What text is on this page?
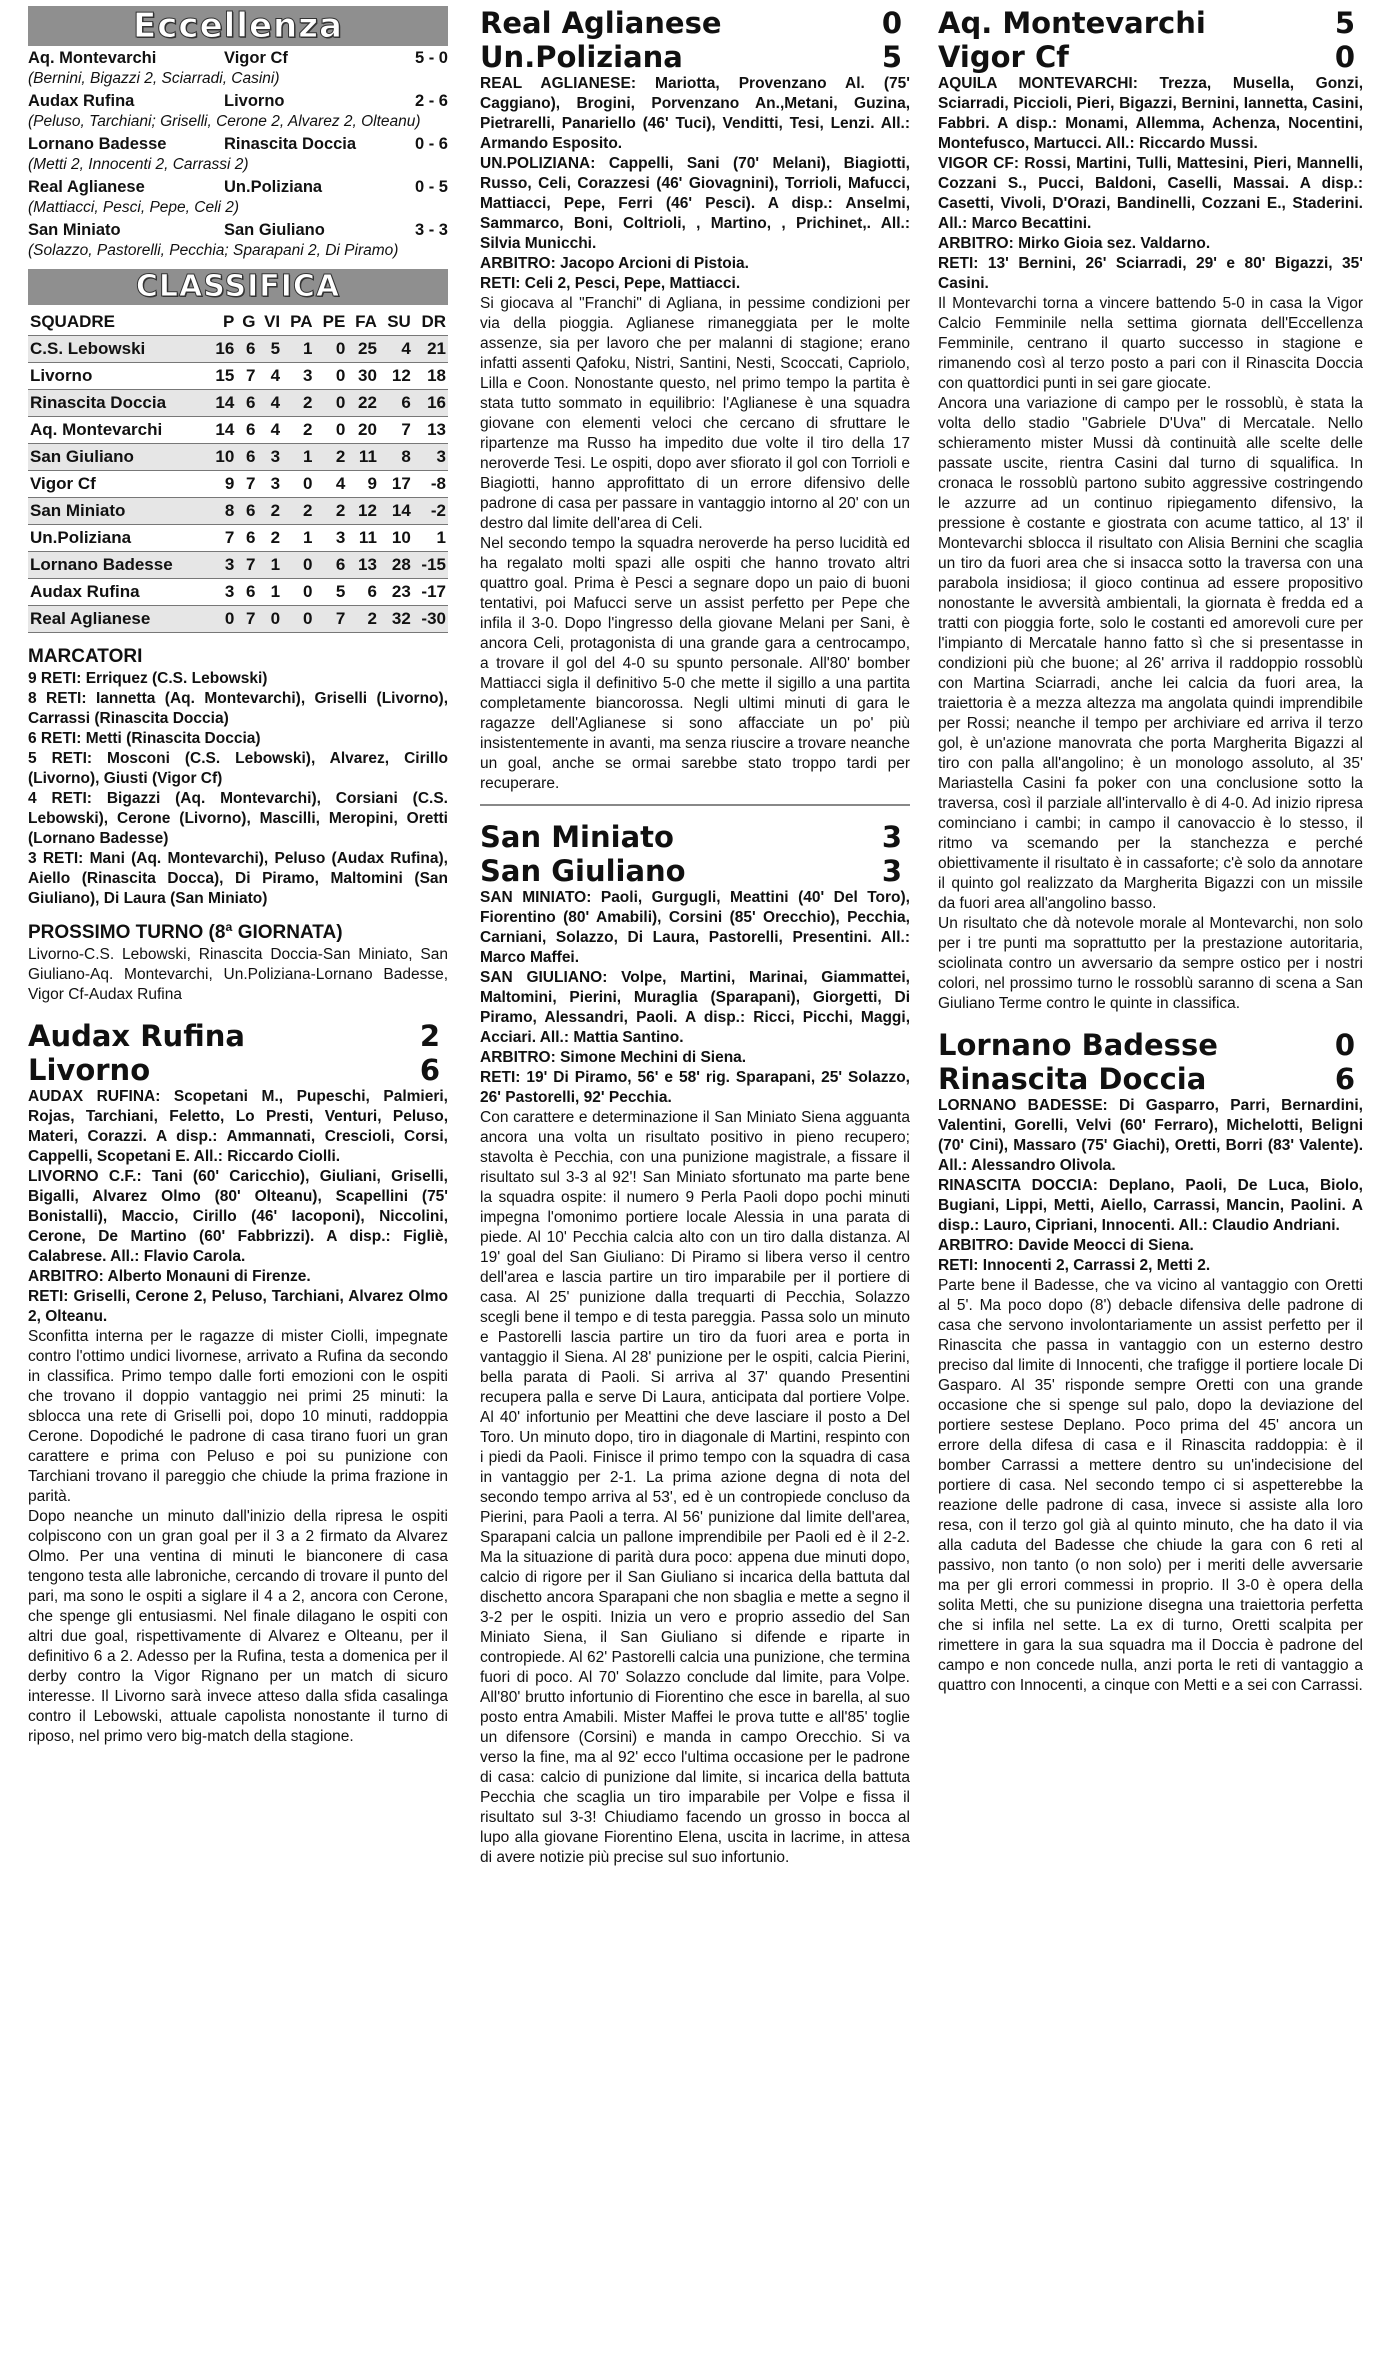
Eccellenza
Aq. Montevarchi	Vigor Cf	5 - 0
(Bernini, Bigazzi 2, Sciarradi, Casini)
Audax Rufina	Livorno	2 - 6
(Peluso, Tarchiani; Griselli, Cerone 2, Alvarez 2, Olteanu)
Lornano Badesse	Rinascita Doccia	0 - 6
(Metti 2, Innocenti 2, Carrassi 2)
Real Aglianese	Un.Poliziana	0 - 5
(Mattiacci, Pesci, Pepe, Celi 2)
San Miniato	San Giuliano	3 - 3
(Solazzo, Pastorelli, Pecchia; Sparapani 2, Di Piramo)
CLASSIFICA
SQUADRE	P	G	VI	PA	PE	FA	SU	DR
C.S. Lebowski	16	6	5	1	0	25	4	21
Livorno	15	7	4	3	0	30	12	18
Rinascita Doccia	14	6	4	2	0	22	6	16
Aq. Montevarchi	14	6	4	2	0	20	7	13
San Giuliano	10	6	3	1	2	11	8	3
Vigor Cf	9	7	3	0	4	9	17	-8
San Miniato	8	6	2	2	2	12	14	-2
Un.Poliziana	7	6	2	1	3	11	10	1
Lornano Badesse	3	7	1	0	6	13	28	-15
Audax Rufina	3	6	1	0	5	6	23	-17
Real Aglianese	0	7	0	0	7	2	32	-30
MARCATORI

9 RETI: Erriquez (C.S. Lebowski)

8 RETI: Iannetta (Aq. Montevarchi), Griselli (Livorno), Carrassi (Rinascita Doccia)

6 RETI: Metti (Rinascita Doccia)

5 RETI: Mosconi (C.S. Lebowski), Alvarez, Cirillo (Livorno), Giusti (Vigor Cf)

4 RETI: Bigazzi (Aq. Montevarchi), Corsiani (C.S. Lebowski), Cerone (Livorno), Mascilli, Meropini, Oretti (Lornano Badesse)

3 RETI: Mani (Aq. Montevarchi), Peluso (Audax Rufina), Aiello (Rinascita Docca), Di Piramo, Maltomini (San Giuliano), Di Laura (San Miniato)

PROSSIMO TURNO (8ª GIORNATA)

Livorno-C.S. Lebowski, Rinascita Doccia-San Miniato, San Giuliano-Aq. Montevarchi, Un.Poliziana-Lornano Badesse, Vigor Cf-Audax Rufina

Audax Rufina	2
Livorno	6

AUDAX RUFINA: Scopetani M., Pupeschi, Palmieri, Rojas, Tarchiani, Feletto, Lo Presti, Venturi, Peluso, Materi, Corazzi. A disp.: Ammannati, Crescioli, Corsi, Cappelli, Scopetani E. All.: Riccardo Ciolli.

LIVORNO C.F.: Tani (60' Caricchio), Giuliani, Griselli, Bigalli, Alvarez Olmo (80' Olteanu), Scapellini (75' Bonistalli), Maccio, Cirillo (46' Iacoponi), Niccolini, Cerone, De Martino (60' Fabbrizzi). A disp.: Figliè, Calabrese. All.: Flavio Carola.

ARBITRO: Alberto Monauni di Firenze.

RETI: Griselli, Cerone 2, Peluso, Tarchiani, Alvarez Olmo 2, Olteanu.

Sconfitta interna per le ragazze di mister Ciolli, impegnate contro l'ottimo undici livornese, arrivato a Rufina da secondo in classifica. Primo tempo dalle forti emozioni con le ospiti che trovano il doppio vantaggio nei primi 25 minuti: la sblocca una rete di Griselli poi, dopo 10 minuti, raddoppia Cerone. Dopodiché le padrone di casa tirano fuori un gran carattere e prima con Peluso e poi su punizione con Tarchiani trovano il pareggio che chiude la prima frazione in parità.

Dopo neanche un minuto dall'inizio della ripresa le ospiti colpiscono con un gran goal per il 3 a 2 firmato da Alvarez Olmo. Per una ventina di minuti le bianconere di casa tengono testa alle labroniche, cercando di trovare il punto del pari, ma sono le ospiti a siglare il 4 a 2, ancora con Cerone, che spenge gli entusiasmi. Nel finale dilagano le ospiti con altri due goal, rispettivamente di Alvarez e Olteanu, per il definitivo 6 a 2. Adesso per la Rufina, testa a domenica per il derby contro la Vigor Rignano per un match di sicuro interesse. Il Livorno sarà invece atteso dalla sfida casalinga contro il Lebowski, attuale capolista nonostante il turno di riposo, nel primo vero big-match della stagione.

Real Aglianese	0
Un.Poliziana	5

REAL AGLIANESE: Mariotta, Provenzano Al. (75' Caggiano), Brogini, Porvenzano An.,Metani, Guzina, Pietrarelli, Panariello (46' Tuci), Venditti, Tesi, Lenzi. All.: Armando Esposito.

UN.POLIZIANA: Cappelli, Sani (70' Melani), Biagiotti, Russo, Celi, Corazzesi (46' Giovagnini), Torrioli, Mafucci, Mattiacci, Pepe, Ferri (46' Pesci). A disp.: Anselmi, Sammarco, Boni, Coltrioli, , Martino, , Prichinet,. All.: Silvia Municchi.

ARBITRO: Jacopo Arcioni di Pistoia.

RETI: Celi 2, Pesci, Pepe, Mattiacci.

Si giocava al "Franchi" di Agliana, in pessime condizioni per via della pioggia. Aglianese rimaneggiata per le molte assenze, sia per lavoro che per malanni di stagione; erano infatti assenti Qafoku, Nistri, Santini, Nesti, Scoccati, Capriolo, Lilla e Coon. Nonostante questo, nel primo tempo la partita è stata tutto sommato in equilibrio: l'Aglianese è una squadra giovane con elementi veloci che cercano di sfruttare le ripartenze ma Russo ha impedito due volte il tiro della 17 neroverde Tesi. Le ospiti, dopo aver sfiorato il gol con Torrioli e Biagiotti, hanno approfittato di un errore difensivo delle padrone di casa per passare in vantaggio intorno al 20' con un destro dal limite dell'area di Celi.

Nel secondo tempo la squadra neroverde ha perso lucidità ed ha regalato molti spazi alle ospiti che hanno trovato altri quattro goal. Prima è Pesci a segnare dopo un paio di buoni tentativi, poi Mafucci serve un assist perfetto per Pepe che infila il 3-0. Dopo l'ingresso della giovane Melani per Sani, è ancora Celi, protagonista di una grande gara a centrocampo, a trovare il gol del 4-0 su spunto personale. All'80' bomber Mattiacci sigla il definitivo 5-0 che mette il sigillo a una partita completamente biancorossa. Negli ultimi minuti di gara le ragazze dell'Aglianese si sono affacciate un po' più insistentemente in avanti, ma senza riuscire a trovare neanche un goal, anche se ormai sarebbe stato troppo tardi per recuperare.

San Miniato	3
San Giuliano	3

SAN MINIATO: Paoli, Gurgugli, Meattini (40' Del Toro), Fiorentino (80' Amabili), Corsini (85' Orecchio), Pecchia, Carniani, Solazzo, Di Laura, Pastorelli, Presentini. All.: Marco Maffei.

SAN GIULIANO: Volpe, Martini, Marinai, Giammattei, Maltomini, Pierini, Muraglia (Sparapani), Giorgetti, Di Piramo, Alessandri, Paoli. A disp.: Ricci, Picchi, Maggi, Acciari. All.: Mattia Santino.

ARBITRO: Simone Mechini di Siena.

RETI: 19' Di Piramo, 56' e 58' rig. Sparapani, 25' Solazzo, 26' Pastorelli, 92' Pecchia.

Con carattere e determinazione il San Miniato Siena agguanta ancora una volta un risultato positivo in pieno recupero; stavolta è Pecchia, con una punizione magistrale, a fissare il risultato sul 3-3 al 92'! San Miniato sfortunato ma parte bene la squadra ospite: il numero 9 Perla Paoli dopo pochi minuti impegna l'omonimo portiere locale Alessia in una parata di piede. Al 10' Pecchia calcia alto con un tiro dalla distanza. Al 19' goal del San Giuliano: Di Piramo si libera verso il centro dell'area e lascia partire un tiro imparabile per il portiere di casa. Al 25' punizione dalla trequarti di Pecchia, Solazzo scegli bene il tempo e di testa pareggia. Passa solo un minuto e Pastorelli lascia partire un tiro da fuori area e porta in vantaggio il Siena. Al 28' punizione per le ospiti, calcia Pierini, bella parata di Paoli. Si arriva al 37' quando Presentini recupera palla e serve Di Laura, anticipata dal portiere Volpe. Al 40' infortunio per Meattini che deve lasciare il posto a Del Toro. Un minuto dopo, tiro in diagonale di Martini, respinto con i piedi da Paoli. Finisce il primo tempo con la squadra di casa in vantaggio per 2-1. La prima azione degna di nota del secondo tempo arriva al 53', ed è un contropiede concluso da Pierini, para Paoli a terra. Al 56' punizione dal limite dell'area, Sparapani calcia un pallone imprendibile per Paoli ed è il 2-2. Ma la situazione di parità dura poco: appena due minuti dopo, calcio di rigore per il San Giuliano si incarica della battuta dal dischetto ancora Sparapani che non sbaglia e mette a segno il 3-2 per le ospiti. Inizia un vero e proprio assedio del San Miniato Siena, il San Giuliano si difende e riparte in contropiede. Al 62' Pastorelli calcia una punizione, che termina fuori di poco. Al 70' Solazzo conclude dal limite, para Volpe. All'80' brutto infortunio di Fiorentino che esce in barella, al suo posto entra Amabili. Mister Maffei le prova tutte e all'85' toglie un difensore (Corsini) e manda in campo Orecchio. Si va verso la fine, ma al 92' ecco l'ultima occasione per le padrone di casa: calcio di punizione dal limite, si incarica della battuta Pecchia che scaglia un tiro imparabile per Volpe e fissa il risultato sul 3-3! Chiudiamo facendo un grosso in bocca al lupo alla giovane Fiorentino Elena, uscita in lacrime, in attesa di avere notizie più precise sul suo infortunio.

Aq. Montevarchi	5
Vigor Cf	0

AQUILA MONTEVARCHI: Trezza, Musella, Gonzi, Sciarradi, Piccioli, Pieri, Bigazzi, Bernini, Iannetta, Casini, Fabbri. A disp.: Monami, Allemma, Achenza, Nocentini, Montefusco, Martucci. All.: Riccardo Mussi.

VIGOR CF: Rossi, Martini, Tulli, Mattesini, Pieri, Mannelli, Cozzani S., Pucci, Baldoni, Caselli, Massai. A disp.: Casetti, Vivoli, D'Orazi, Bandinelli, Cozzani E., Staderini. All.: Marco Becattini.

ARBITRO: Mirko Gioia sez. Valdarno.

RETI: 13' Bernini, 26' Sciarradi, 29' e 80' Bigazzi, 35' Casini.

Il Montevarchi torna a vincere battendo 5-0 in casa la Vigor Calcio Femminile nella settima giornata dell'Eccellenza Femminile, centrano il quarto successo in stagione e rimanendo così al terzo posto a pari con il Rinascita Doccia con quattordici punti in sei gare giocate.

Ancora una variazione di campo per le rossoblù, è stata la volta dello stadio "Gabriele D'Uva" di Mercatale. Nello schieramento mister Mussi dà continuità alle scelte delle passate uscite, rientra Casini dal turno di squalifica. In cronaca le rossoblù partono subito aggressive costringendo le azzurre ad un continuo ripiegamento difensivo, la pressione è costante e giostrata con acume tattico, al 13' il Montevarchi sblocca il risultato con Alisia Bernini che scaglia un tiro da fuori area che si insacca sotto la traversa con una parabola insidiosa; il gioco continua ad essere propositivo nonostante le avversità ambientali, la giornata è fredda ed a tratti con pioggia forte, solo le costanti ed amorevoli cure per l'impianto di Mercatale hanno fatto sì che si presentasse in condizioni più che buone; al 26' arriva il raddoppio rossoblù con Martina Sciarradi, anche lei calcia da fuori area, la traiettoria è a mezza altezza ma angolata quindi imprendibile per Rossi; neanche il tempo per archiviare ed arriva il terzo gol, è un'azione manovrata che porta Margherita Bigazzi al tiro con palla all'angolino; è un monologo assoluto, al 35' Mariastella Casini fa poker con una conclusione sotto la traversa, così il parziale all'intervallo è di 4-0. Ad inizio ripresa cominciano i cambi; in campo il canovaccio è lo stesso, il ritmo va scemando per la stanchezza e perché obiettivamente il risultato è in cassaforte; c'è solo da annotare il quinto gol realizzato da Margherita Bigazzi con un missile da fuori area all'angolino basso.

Un risultato che dà notevole morale al Montevarchi, non solo per i tre punti ma soprattutto per la prestazione autoritaria, sciolinata contro un avversario da sempre ostico per i nostri colori, nel prossimo turno le rossoblù saranno di scena a San Giuliano Terme contro le quinte in classifica.

Lornano Badesse	0
Rinascita Doccia	6

LORNANO BADESSE: Di Gasparro, Parri, Bernardini, Valentini, Gorelli, Velvi (60' Ferraro), Michelotti, Beligni (70' Cini), Massaro (75' Giachi), Oretti, Borri (83' Valente). All.: Alessandro Olivola.

RINASCITA DOCCIA: Deplano, Paoli, De Luca, Biolo, Bugiani, Lippi, Metti, Aiello, Carrassi, Mancin, Paolini. A disp.: Lauro, Cipriani, Innocenti. All.: Claudio Andriani.

ARBITRO: Davide Meocci di Siena.

RETI: Innocenti 2, Carrassi 2, Metti 2.

Parte bene il Badesse, che va vicino al vantaggio con Oretti al 5'. Ma poco dopo (8') debacle difensiva delle padrone di casa che servono involontariamente un assist perfetto per il Rinascita che passa in vantaggio con un esterno destro preciso dal limite di Innocenti, che trafigge il portiere locale Di Gasparo. Al 35' risponde sempre Oretti con una grande occasione che si spenge sul palo, dopo la deviazione del portiere sestese Deplano. Poco prima del 45' ancora un errore della difesa di casa e il Rinascita raddoppia: è il bomber Carrassi a mettere dentro su un'indecisione del portiere di casa. Nel secondo tempo ci si aspetterebbe la reazione delle padrone di casa, invece si assiste alla loro resa, con il terzo gol già al quinto minuto, che ha dato il via alla caduta del Badesse che chiude la gara con 6 reti al passivo, non tanto (o non solo) per i meriti delle avversarie ma per gli errori commessi in proprio. Il 3-0 è opera della solita Metti, che su punizione disegna una traiettoria perfetta che si infila nel sette. La ex di turno, Oretti scalpita per rimettere in gara la sua squadra ma il Doccia è padrone del campo e non concede nulla, anzi porta le reti di vantaggio a quattro con Innocenti, a cinque con Metti e a sei con Carrassi.
